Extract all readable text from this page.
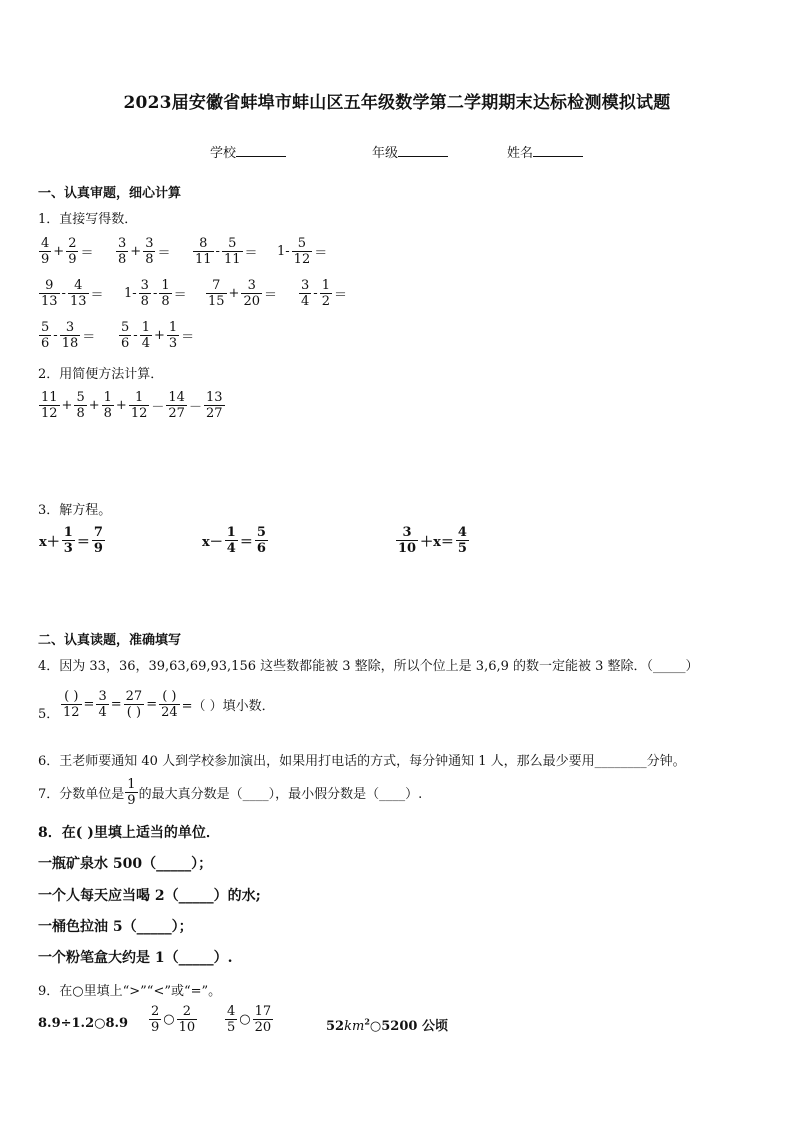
2023届安徽省蚌埠市蚌山区五年级数学第二学期期末达标检测模拟试题
学校	年级	姓名
一、认真审题，细心计算
1．直接写得数．
$\frac{4}{9} + \frac{2}{9} = \frac{3}{8} + \frac{3}{8} = \frac{8}{11} - \frac{5}{11} = 1- \frac{5}{12}$ ＝
$\frac{9}{13} - \frac{4}{13} = 1- \frac{3}{8} - \frac{1}{8} = \frac{7}{15} + \frac{3}{20} = \frac{3}{4} - \frac{1}{2}$ ＝
$\frac{5}{6} - \frac{3}{18} = \frac{5}{6} - \frac{1}{4} + \frac{1}{3}$ ＝
2．用简便方法计算．
$\frac{11}{12} + \frac{5}{8} + \frac{1}{8} + \frac{1}{12} - \frac{14}{27} - \frac{13}{27}$
3．解方程。
$x+ \frac{1}{3} = \frac{7}{9}$	$x- \frac{1}{4} = \frac{5}{6}$	$\frac{3}{10} +x= \frac{4}{5}$
二、认真读题，准确填写
4．因为 33，36，39,63,69,93,156 这些数都能被 3 整除，所以个位上是 3,6,9 的数一定能被 3 整除．（_____）
5． $\frac{( )}{12} = \frac{3}{4} = \frac{27}{( )} = \frac{( )}{24}$ =（ ）填小数．
6．王老师要通知 40 人到学校参加演出，如果用打电话的方式，每分钟通知 1 人，那么最少要用________分钟。
7．分数单位是 $\frac{1}{9}$ 的最大真分数是（____），最小假分数是（____）.
8．在( )里填上适当的单位．
一瓶矿泉水 500（_____）；
一个人每天应当喝 2（_____）的水;
一桶色拉油 5（_____）；
一个粉笔盒大约是 1（_____）.
9．在○里填上“>”“<”或“=”。
8.9÷1.2○8.9 $\frac{2}{9}$ ○ $\frac{2}{10} \frac{4}{5}$ ○ $\frac{17}{20}$	$52km^2○5200$ 公顷
